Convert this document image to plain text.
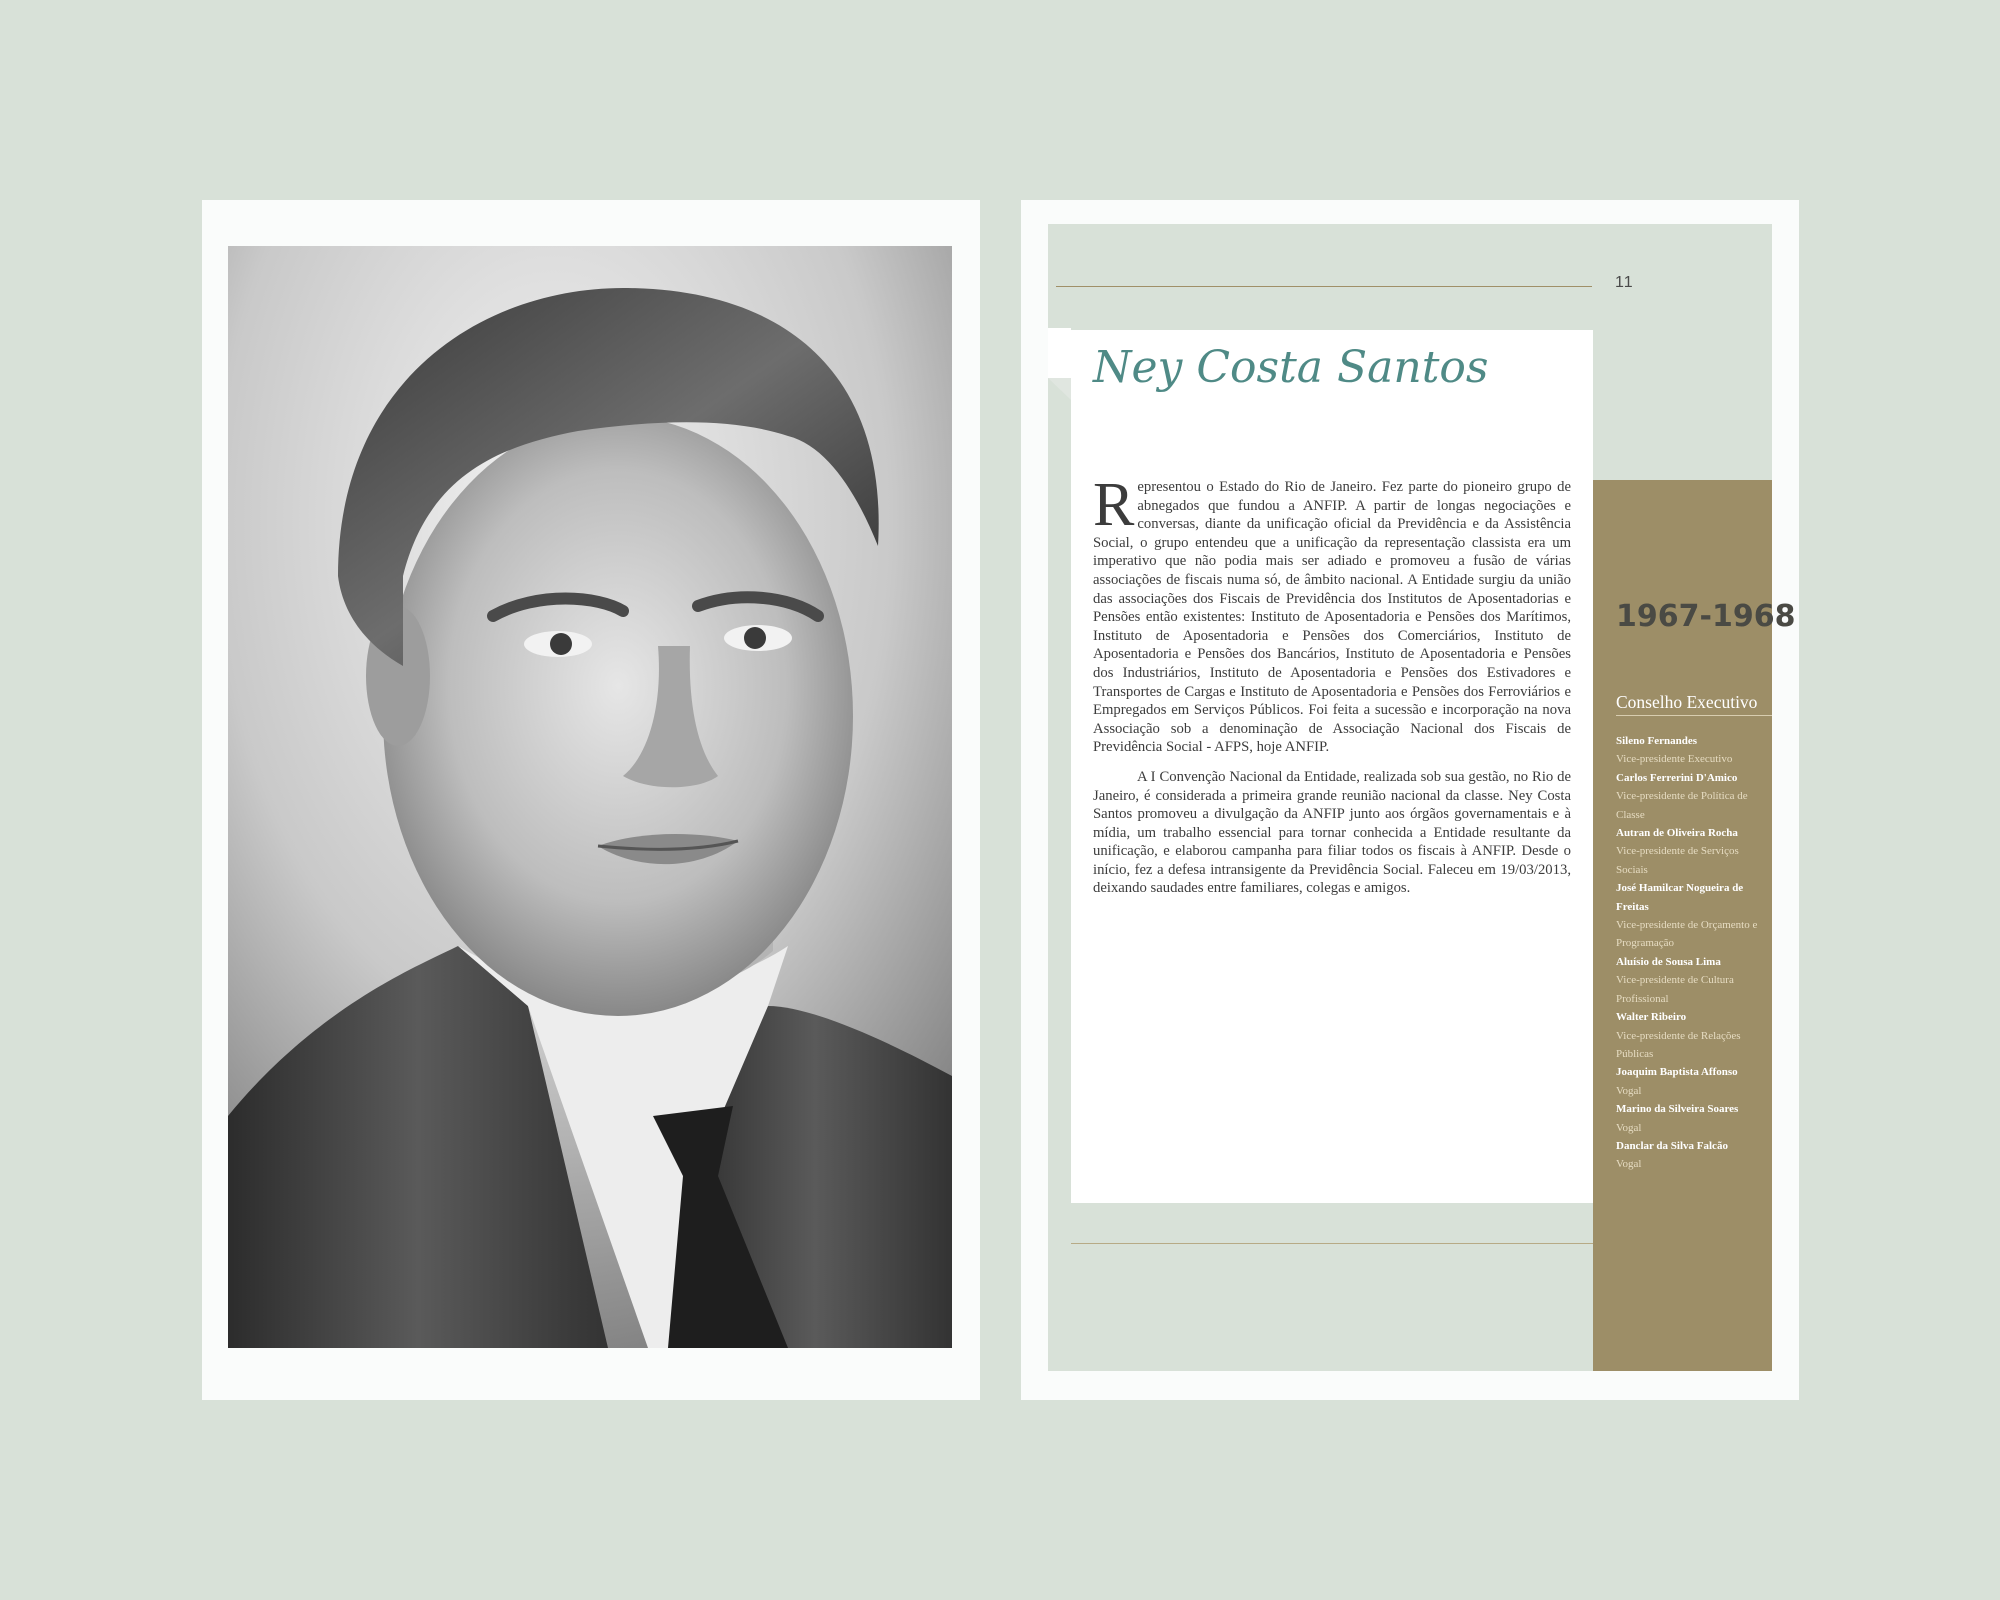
11
Ney Costa Santos

Representou o Estado do Rio de Janeiro. Fez parte do pioneiro grupo de abnegados que fundou a ANFIP. A partir de longas negociações e conversas, diante da unificação oficial da Previdência e da Assistência Social, o grupo entendeu que a unificação da representação classista era um imperativo que não podia mais ser adiado e promoveu a fusão de várias associações de fiscais numa só, de âmbito nacional. A Entidade surgiu da união das associações dos Fiscais de Previdência dos Institutos de Aposentadorias e Pensões então existentes: Instituto de Aposentadoria e Pensões dos Marítimos, Instituto de Aposentadoria e Pensões dos Comerciários, Instituto de Aposentadoria e Pensões dos Bancários, Instituto de Aposentadoria e Pensões dos Industriários, Instituto de Aposentadoria e Pensões dos Estivadores e Transportes de Cargas e Instituto de Aposentadoria e Pensões dos Ferroviários e Empregados em Serviços Públicos. Foi feita a sucessão e incorporação na nova Associação sob a denominação de Associação Nacional dos Fiscais de Previdência Social - AFPS, hoje ANFIP.

A I Convenção Nacional da Entidade, realizada sob sua gestão, no Rio de Janeiro, é considerada a primeira grande reunião nacional da classe. Ney Costa Santos promoveu a divulgação da ANFIP junto aos órgãos governamentais e à mídia, um trabalho essencial para tornar conhecida a Entidade resultante da unificação, e elaborou campanha para filiar todos os fiscais à ANFIP. Desde o início, fez a defesa intransigente da Previdência Social. Faleceu em 19/03/2013, deixando saudades entre familiares, colegas e amigos.

1967-1968
Conselho Executivo
Sileno Fernandes
Vice-presidente Executivo
Carlos Ferrerini D'Amico
Vice-presidente de Política de Classe
Autran de Oliveira Rocha
Vice-presidente de Serviços Sociais
José Hamilcar Nogueira de Freitas
Vice-presidente de Orçamento e Programação
Aluísio de Sousa Lima
Vice-presidente de Cultura Profissional
Walter Ribeiro
Vice-presidente de Relações Públicas
Joaquim Baptista Affonso
Vogal
Marino da Silveira Soares
Vogal
Danclar da Silva Falcão
Vogal
